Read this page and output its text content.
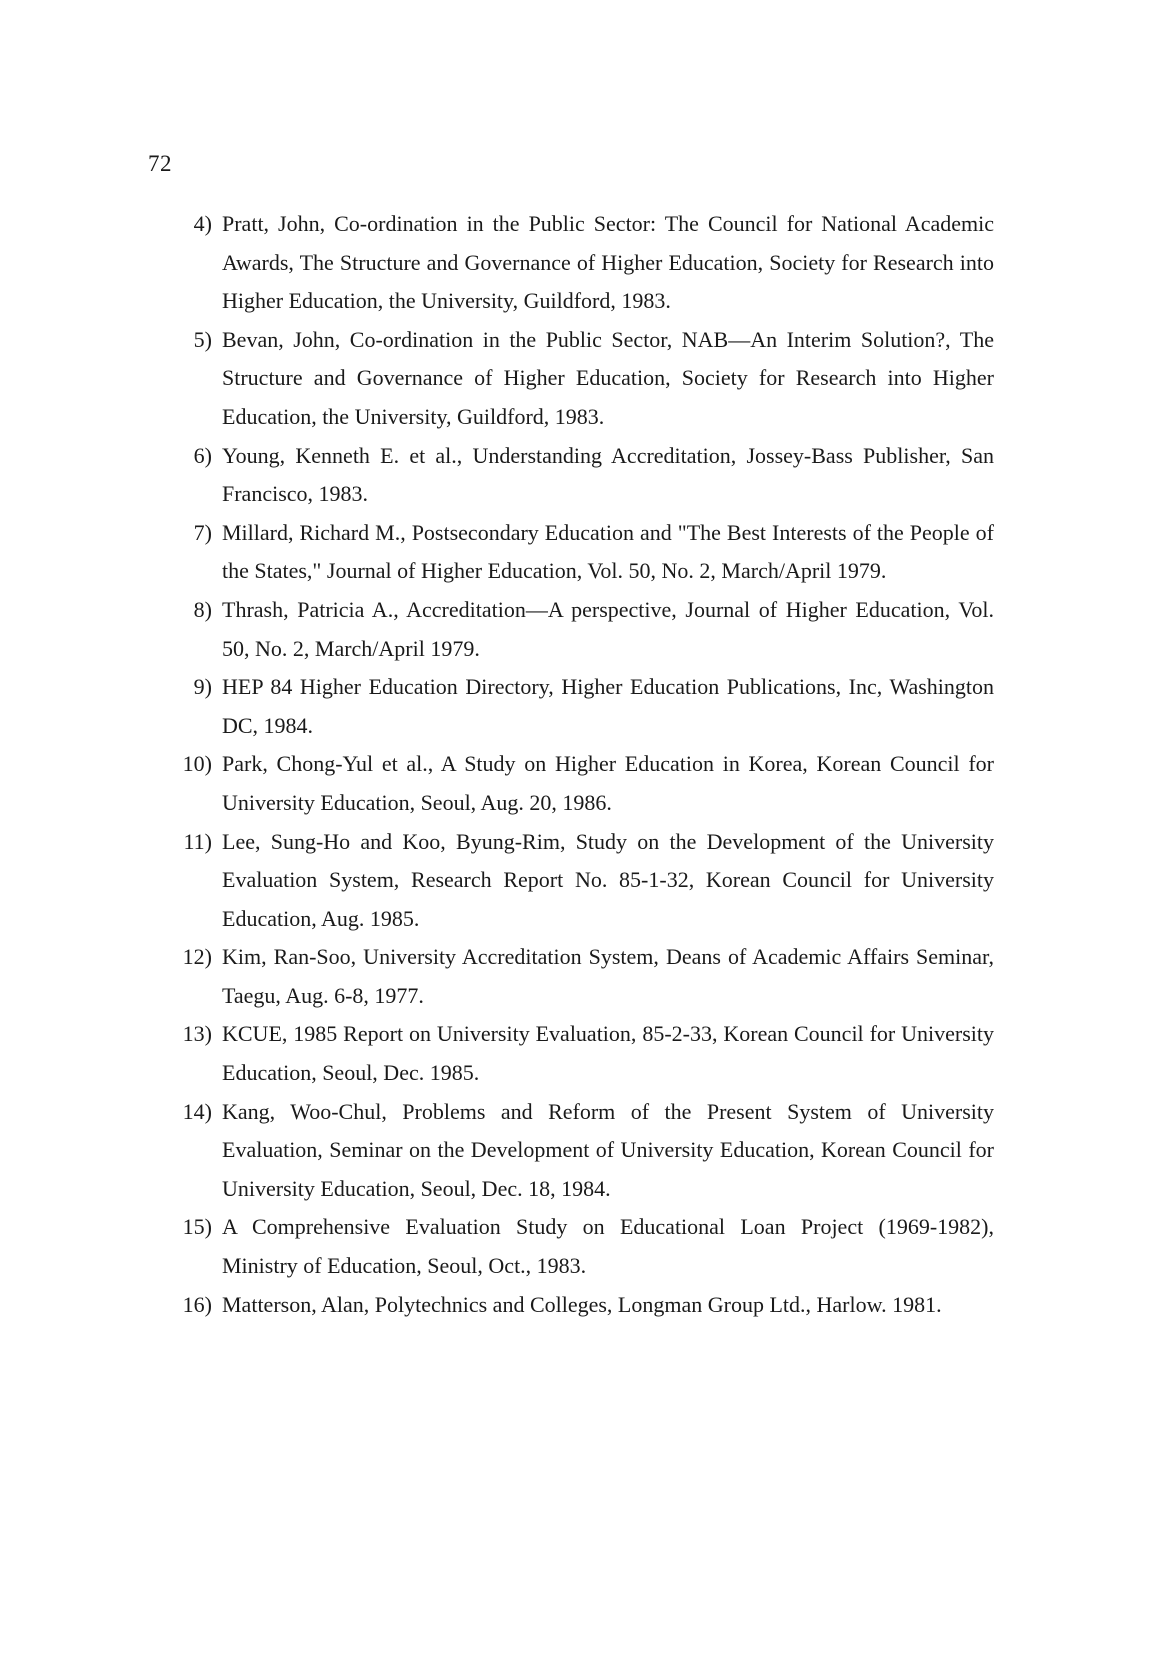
72
4) Pratt, John, Co-ordination in the Public Sector: The Council for National Academic Awards, The Structure and Governance of Higher Education, Society for Research into Higher Education, the University, Guildford, 1983.
5) Bevan, John, Co-ordination in the Public Sector, NAB—An Interim Solution?, The Structure and Governance of Higher Education, Society for Research into Higher Education, the University, Guildford, 1983.
6) Young, Kenneth E. et al., Understanding Accreditation, Jossey-Bass Publisher, San Francisco, 1983.
7) Millard, Richard M., Postsecondary Education and "The Best Interests of the People of the States," Journal of Higher Education, Vol. 50, No. 2, March/April 1979.
8) Thrash, Patricia A., Accreditation—A perspective, Journal of Higher Education, Vol. 50, No. 2, March/April 1979.
9) HEP 84 Higher Education Directory, Higher Education Publications, Inc, Washington DC, 1984.
10) Park, Chong-Yul et al., A Study on Higher Education in Korea, Korean Council for University Education, Seoul, Aug. 20, 1986.
11) Lee, Sung-Ho and Koo, Byung-Rim, Study on the Development of the University Evaluation System, Research Report No. 85-1-32, Korean Council for University Education, Aug. 1985.
12) Kim, Ran-Soo, University Accreditation System, Deans of Academic Affairs Seminar, Taegu, Aug. 6-8, 1977.
13) KCUE, 1985 Report on University Evaluation, 85-2-33, Korean Council for University Education, Seoul, Dec. 1985.
14) Kang, Woo-Chul, Problems and Reform of the Present System of University Evaluation, Seminar on the Development of University Education, Korean Council for University Education, Seoul, Dec. 18, 1984.
15) A Comprehensive Evaluation Study on Educational Loan Project (1969-1982), Ministry of Education, Seoul, Oct., 1983.
16) Matterson, Alan, Polytechnics and Colleges, Longman Group Ltd., Harlow. 1981.
